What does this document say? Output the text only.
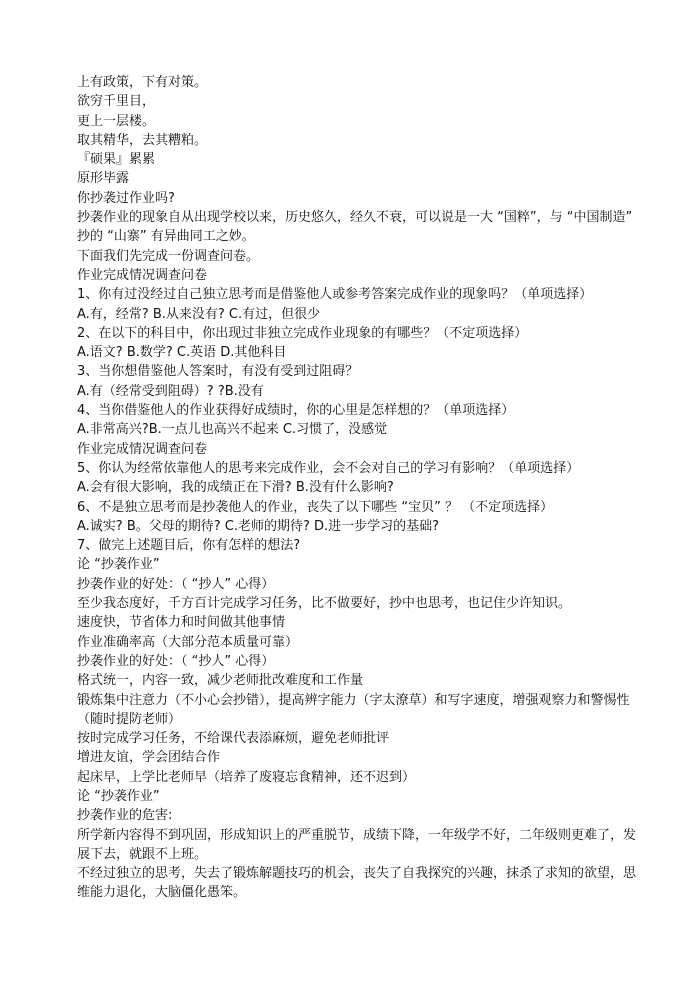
上有政策，下有对策。
欲穷千里目，
更上一层楼。
取其精华，去其糟粕。
『硕果』累累
原形毕露
你抄袭过作业吗?
抄袭作业的现象自从出现学校以来，历史悠久，经久不衰，可以说是一大 “国粹”，与 “中国制造” 抄的 “山寨” 有异曲同工之妙。
下面我们先完成一份调查问卷。
作业完成情况调查问卷
1、你有过没经过自己独立思考而是借鉴他人或参考答案完成作业的现象吗？（单项选择）
A.有，经常? B.从来没有? C.有过，但很少
2、在以下的科目中，你出现过非独立完成作业现象的有哪些？（不定项选择）
A.语文? B.数学? C.英语 D.其他科目
3、当你想借鉴他人答案时，有没有受到过阻碍？
A.有（经常受到阻碍）? ?B.没有
4、当你借鉴他人的作业获得好成绩时，你的心里是怎样想的？（单项选择）
A.非常高兴?B.一点儿也高兴不起来 C.习惯了，没感觉
作业完成情况调查问卷
5、你认为经常依靠他人的思考来完成作业，会不会对自己的学习有影响？（单项选择）
A.会有很大影响，我的成绩正在下滑? B.没有什么影响?
6、不是独立思考而是抄袭他人的作业，丧失了以下哪些 “宝贝” ？ （不定项选择）
A.诚实? B。父母的期待? C.老师的期待? D.进一步学习的基础?
7、做完上述题目后，你有怎样的想法?
论 “抄袭作业”
抄袭作业的好处：（ “抄人” 心得）
至少我态度好，千方百计完成学习任务，比不做要好，抄中也思考，也记住少许知识。
速度快，节省体力和时间做其他事情
作业准确率高（大部分范本质量可靠）
抄袭作业的好处：（ “抄人” 心得）
格式统一，内容一致，减少老师批改难度和工作量
锻炼集中注意力（不小心会抄错），提高辨字能力（字太潦草）和写字速度，增强观察力和警惕性（随时提防老师）
按时完成学习任务，不给课代表添麻烦，避免老师批评
增进友谊，学会团结合作
起床早，上学比老师早（培养了废寝忘食精神，还不迟到）
论 “抄袭作业”
抄袭作业的危害:
所学新内容得不到巩固，形成知识上的严重脱节，成绩下降，一年级学不好，二年级则更难了，发展下去，就跟不上班。
不经过独立的思考，失去了锻炼解题技巧的机会，丧失了自我探究的兴趣，抹杀了求知的欲望，思维能力退化，大脑僵化愚笨。
